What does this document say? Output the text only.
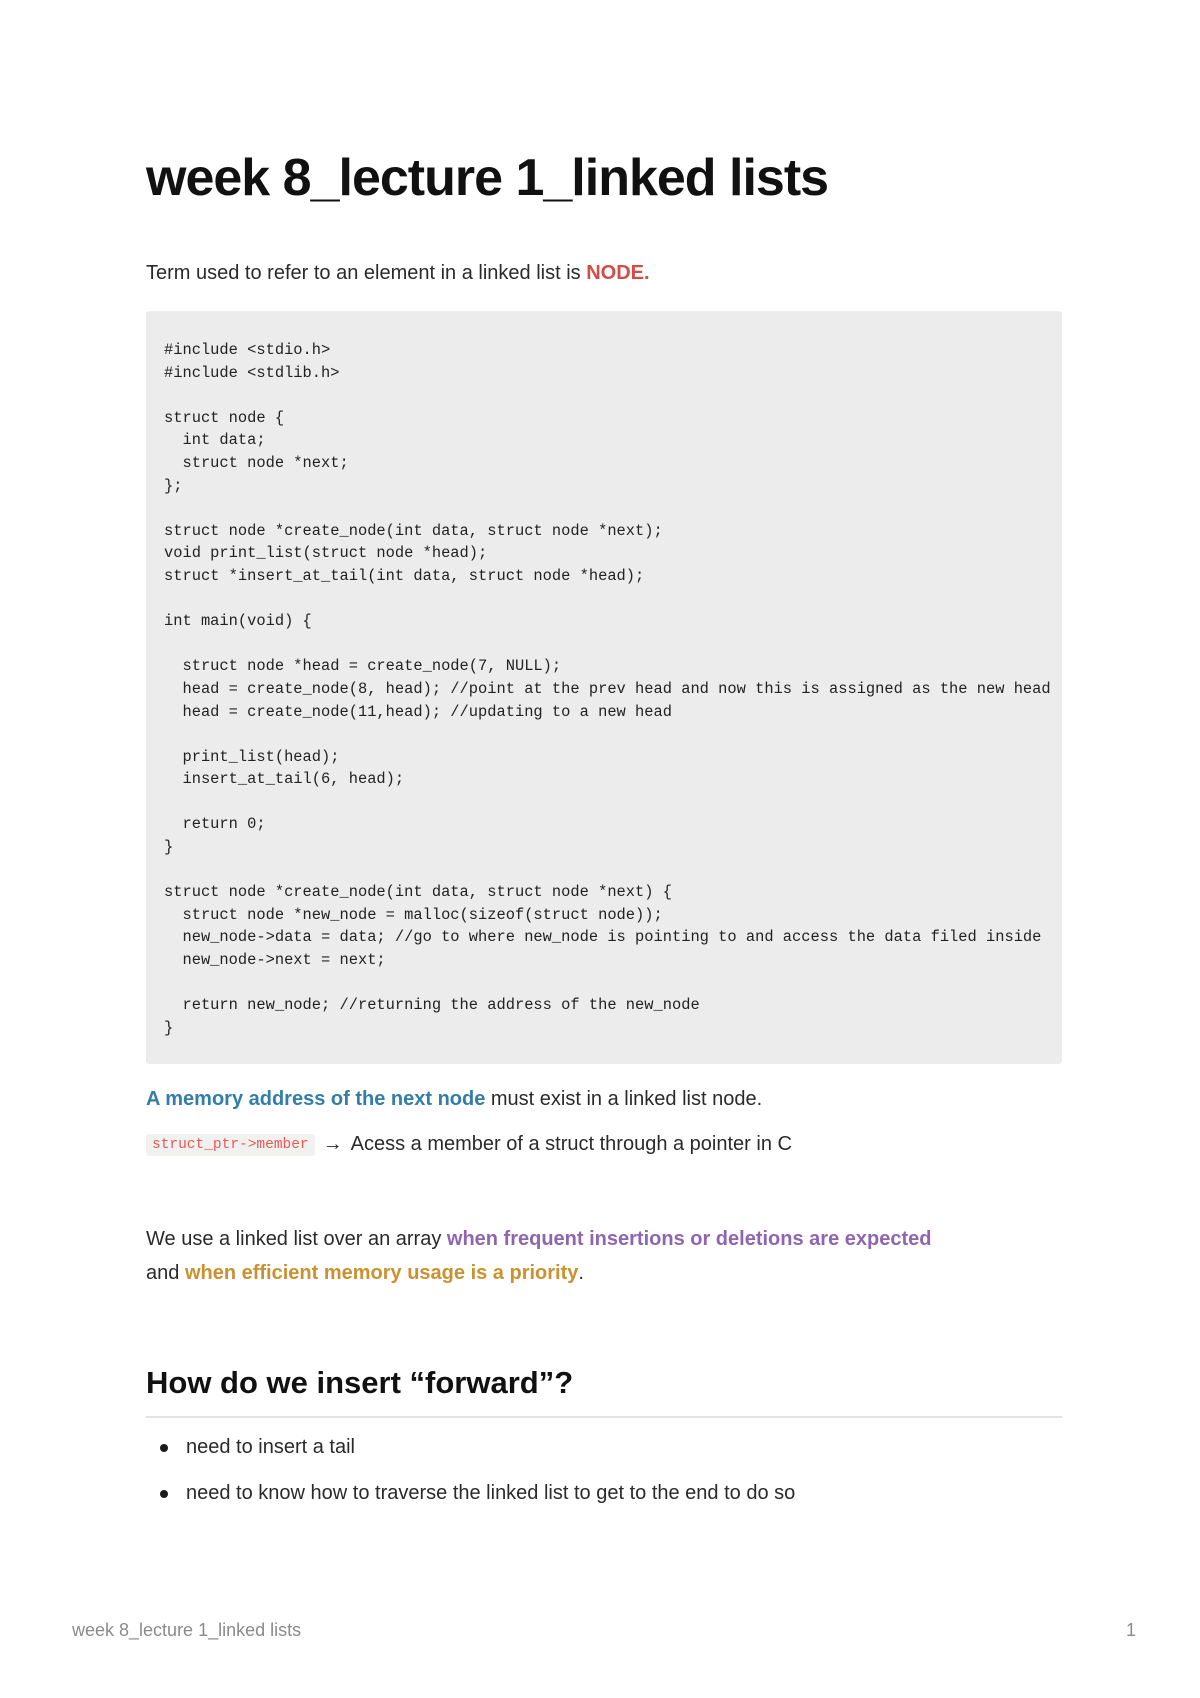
week 8_lecture 1_linked lists

Term used to refer to an element in a linked list is NODE.

#include <stdio.h>
#include <stdlib.h>

struct node {
int data;
struct node *next;
};

struct node *create_node(int data, struct node *next);
void print_list(struct node *head);
struct *insert_at_tail(int data, struct node *head);

int main(void) {

struct node *head = create_node(7, NULL);
head = create_node(8, head); //point at the prev head and now this is assigned as the new head
head = create_node(11,head); //updating to a new head

print_list(head);
insert_at_tail(6, head);

return 0;
}

struct node *create_node(int data, struct node *next) {
struct node *new_node = malloc(sizeof(struct node));
new_node->data = data; //go to where new_node is pointing to and access the data filed inside
new_node->next = next;

return new_node; //returning the address of the new_node
}

A memory address of the next node must exist in a linked list node.

struct_ptr->member → Acess a member of a struct through a pointer in C

We use a linked list over an array when frequent insertions or deletions are expected
and when efficient memory usage is a priority.

How do we insert “forward”?
need to insert a tail
need to know how to traverse the linked list to get to the end to do so
week 8_lecture 1_linked lists	1
